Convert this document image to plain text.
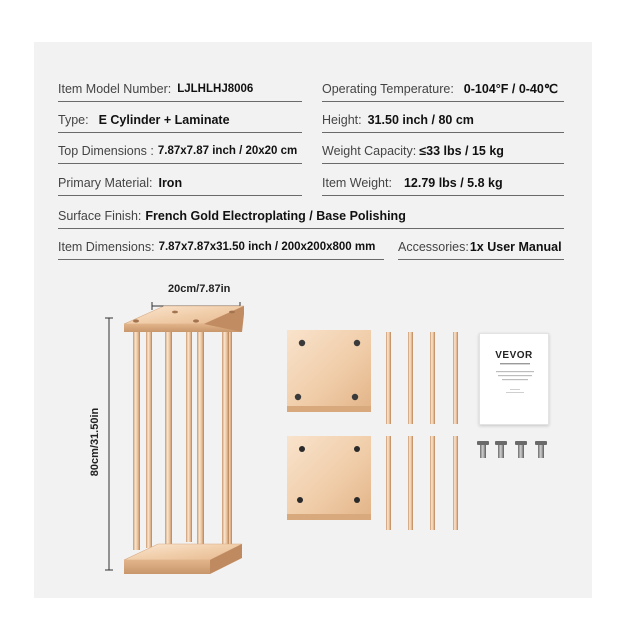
Item Model Number: LJLHLHJ8006	Operating Temperature: 0-104°F / 0-40℃
Type: E Cylinder + Laminate	Height: 31.50 inch / 80 cm
Top Dimensions : 7.87x7.87 inch / 20x20 cm Weight Capacity: ≤33 lbs / 15 kg
Primary Material: Iron	Item Weight: 12.79 lbs / 5.8 kg
Surface Finish: French Gold Electroplating / Base Polishing
Item Dimensions: 7.87x7.87x31.50 inch / 200x200x800 mm Accessories: 1x User Manual
20cm/7.87in
80cm/31.50in
VEVOR
